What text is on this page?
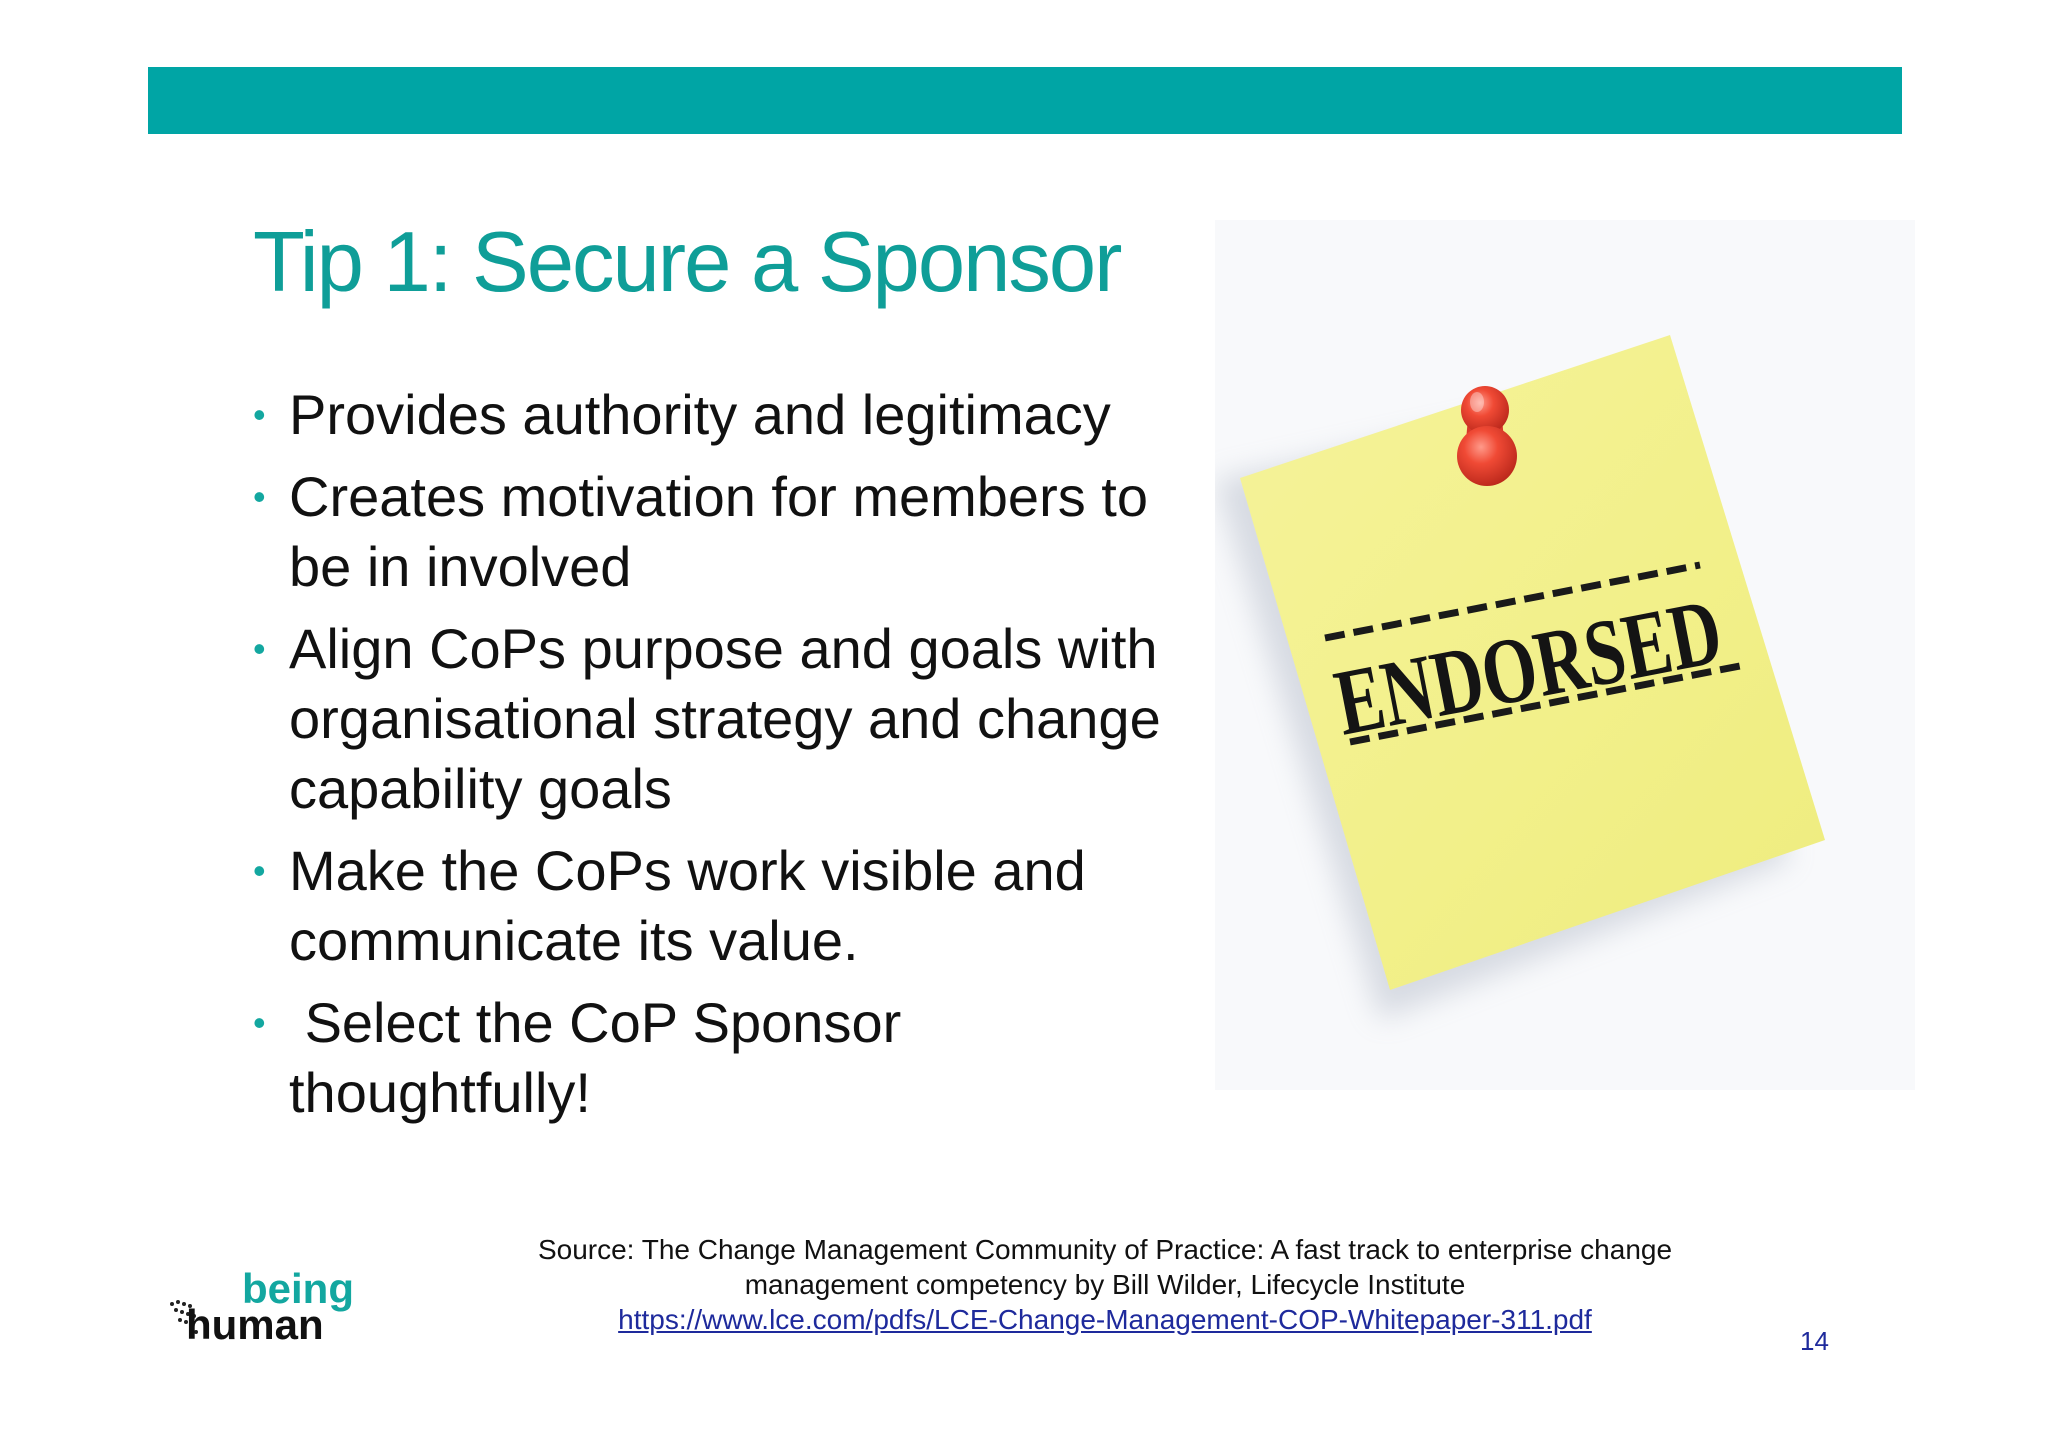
Tip 1: Secure a Sponsor
• Provides authority and legitimacy
• Creates motivation for members to
be in involved
• Align CoPs purpose and goals with
organisational strategy and change
capability goals
• Make the CoPs work visible and
communicate its value.
• Select the CoP Sponsor
thoughtfully!
ENDORSED
Source: The Change Management Community of Practice: A fast track to enterprise change
management competency by Bill Wilder, Lifecycle Institute
https://www.lce.com/pdfs/LCE-Change-Management-COP-Whitepaper-311.pdf
being
human	14
